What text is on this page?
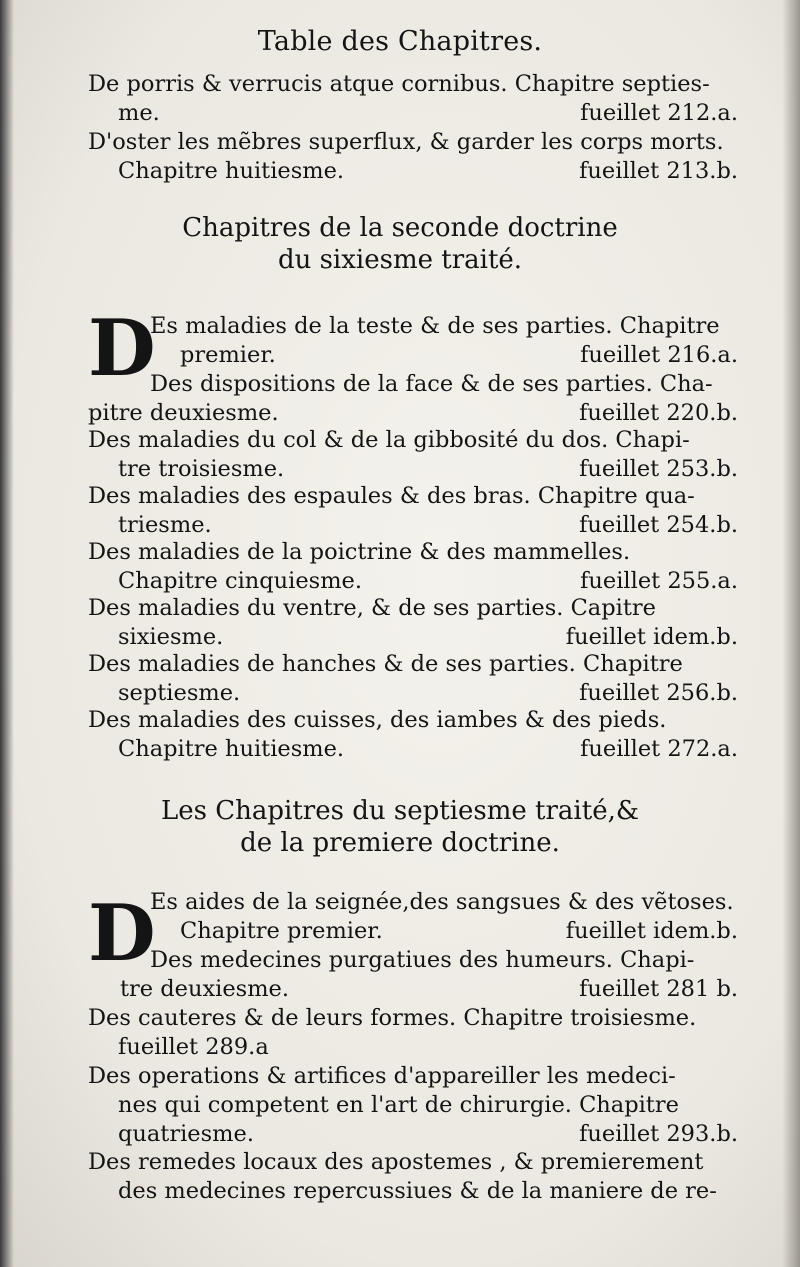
Table des Chapitres.
De porris & verrucis atque cornibus. Chapitre septies-
me.	fueillet 212.a.
D'oster les mẽbres superflux, & garder les corps morts.
Chapitre huitiesme.	fueillet 213.b.
Chapitres de la seconde doctrine
du sixiesme traité.
D
Es maladies de la teste & de ses parties. Chapitre
premier.	fueillet 216.a.
Des dispositions de la face & de ses parties. Cha-
pitre deuxiesme.	fueillet 220.b.
Des maladies du col & de la gibbosité du dos. Chapi-
tre troisiesme.	fueillet 253.b.
Des maladies des espaules & des bras. Chapitre qua-
triesme.	fueillet 254.b.
Des maladies de la poictrine & des mammelles.
Chapitre cinquiesme.	fueillet 255.a.
Des maladies du ventre, & de ses parties. Capitre
sixiesme.	fueillet idem.b.
Des maladies de hanches & de ses parties. Chapitre
septiesme.	fueillet 256.b.
Des maladies des cuisses, des iambes & des pieds.
Chapitre huitiesme.	fueillet 272.a.
Les Chapitres du septiesme traité,&
de la premiere doctrine.
D
Es aides de la seignée,des sangsues & des vẽtoses.
Chapitre premier.	fueillet idem.b.
Des medecines purgatiues des humeurs. Chapi-
tre deuxiesme.	fueillet 281 b.
Des cauteres & de leurs formes. Chapitre troisiesme.
fueillet 289.a
Des operations & artifices d'appareiller les medeci-
nes qui competent en l'art de chirurgie. Chapitre
quatriesme.	fueillet 293.b.
Des remedes locaux des apostemes , & premierement
des medecines repercussiues & de la maniere de re-
